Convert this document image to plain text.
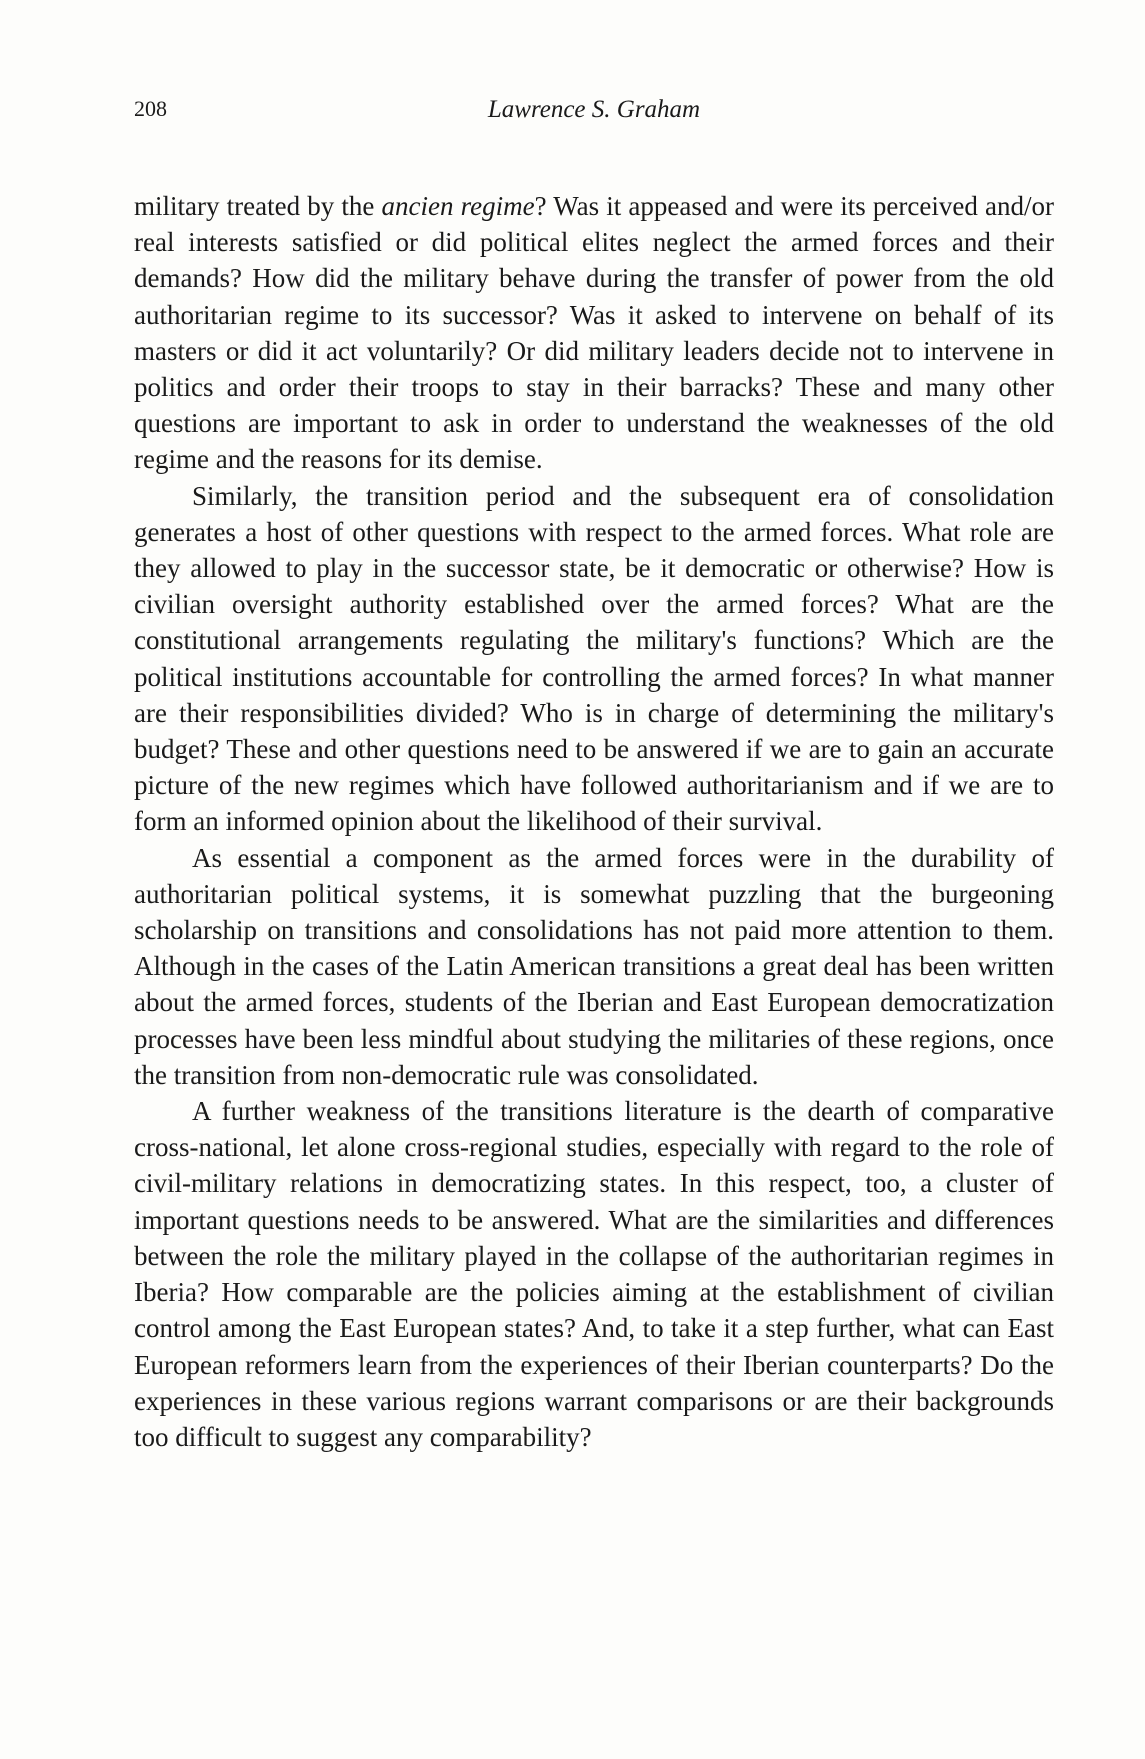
208	Lawrence S. Graham

military treated by the ancien regime? Was it appeased and were its perceived and/or real interests satisfied or did political elites neglect the armed forces and their demands? How did the military behave during the transfer of power from the old authoritarian regime to its successor? Was it asked to intervene on behalf of its masters or did it act voluntarily? Or did military leaders decide not to intervene in politics and order their troops to stay in their barracks? These and many other questions are important to ask in order to understand the weaknesses of the old regime and the reasons for its demise.

Similarly, the transition period and the subsequent era of consolidation generates a host of other questions with respect to the armed forces. What role are they allowed to play in the successor state, be it democratic or otherwise? How is civilian oversight authority established over the armed forces? What are the constitutional arrangements regulating the military's functions? Which are the political institutions accountable for controlling the armed forces? In what manner are their responsibilities divided? Who is in charge of determining the military's budget? These and other questions need to be answered if we are to gain an accurate picture of the new regimes which have followed authoritarianism and if we are to form an informed opinion about the likelihood of their survival.

As essential a component as the armed forces were in the durability of authoritarian political systems, it is somewhat puzzling that the burgeoning scholarship on transitions and consolidations has not paid more attention to them. Although in the cases of the Latin American transitions a great deal has been written about the armed forces, students of the Iberian and East European democratization processes have been less mindful about studying the militaries of these regions, once the transition from non-democratic rule was consolidated.

A further weakness of the transitions literature is the dearth of comparative cross-national, let alone cross-regional studies, especially with regard to the role of civil-military relations in democratizing states. In this respect, too, a cluster of important questions needs to be answered. What are the similarities and differences between the role the military played in the collapse of the authoritarian regimes in Iberia? How comparable are the policies aiming at the establishment of civilian control among the East European states? And, to take it a step further, what can East European reformers learn from the experiences of their Iberian counterparts? Do the experiences in these various regions warrant comparisons or are their backgrounds too difficult to suggest any comparability?
